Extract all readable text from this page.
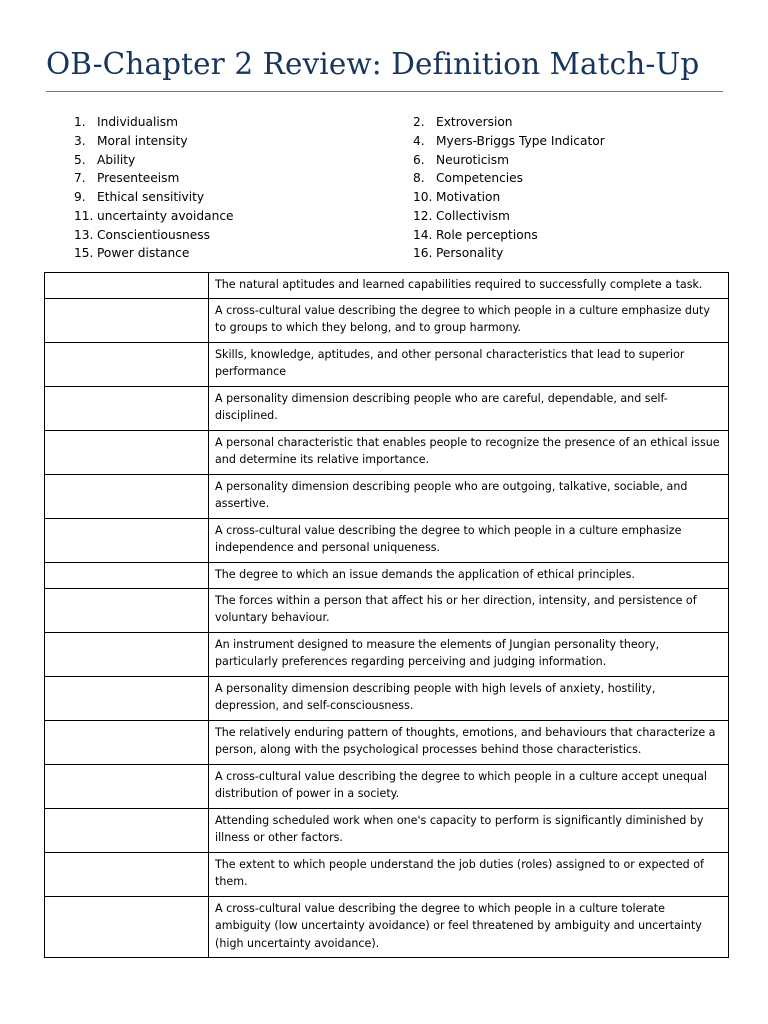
OB-Chapter 2 Review: Definition Match-Up
1. Individualism
3. Moral intensity
5. Ability
7. Presenteeism
9. Ethical sensitivity
11. uncertainty avoidance
13. Conscientiousness
15. Power distance
2. Extroversion
4. Myers-Briggs Type Indicator
6. Neuroticism
8. Competencies
10. Motivation
12. Collectivism
14. Role perceptions
16. Personality
	The natural aptitudes and learned capabilities required to successfully complete a task.
	A cross-cultural value describing the degree to which people in a culture emphasize duty to groups to which they belong, and to group harmony.
	Skills, knowledge, aptitudes, and other personal characteristics that lead to superior performance
	A personality dimension describing people who are careful, dependable, and self-disciplined.
	A personal characteristic that enables people to recognize the presence of an ethical issue and determine its relative importance.
	A personality dimension describing people who are outgoing, talkative, sociable, and assertive.
	A cross-cultural value describing the degree to which people in a culture emphasize independence and personal uniqueness.
	The degree to which an issue demands the application of ethical principles.
	The forces within a person that affect his or her direction, intensity, and persistence of voluntary behaviour.
	An instrument designed to measure the elements of Jungian personality theory, particularly preferences regarding perceiving and judging information.
	A personality dimension describing people with high levels of anxiety, hostility, depression, and self-consciousness.
	The relatively enduring pattern of thoughts, emotions, and behaviours that characterize a person, along with the psychological processes behind those characteristics.
	A cross-cultural value describing the degree to which people in a culture accept unequal distribution of power in a society.
	Attending scheduled work when one's capacity to perform is significantly diminished by illness or other factors.
	The extent to which people understand the job duties (roles) assigned to or expected of them.
	A cross-cultural value describing the degree to which people in a culture tolerate ambiguity (low uncertainty avoidance) or feel threatened by ambiguity and uncertainty (high uncertainty avoidance).
